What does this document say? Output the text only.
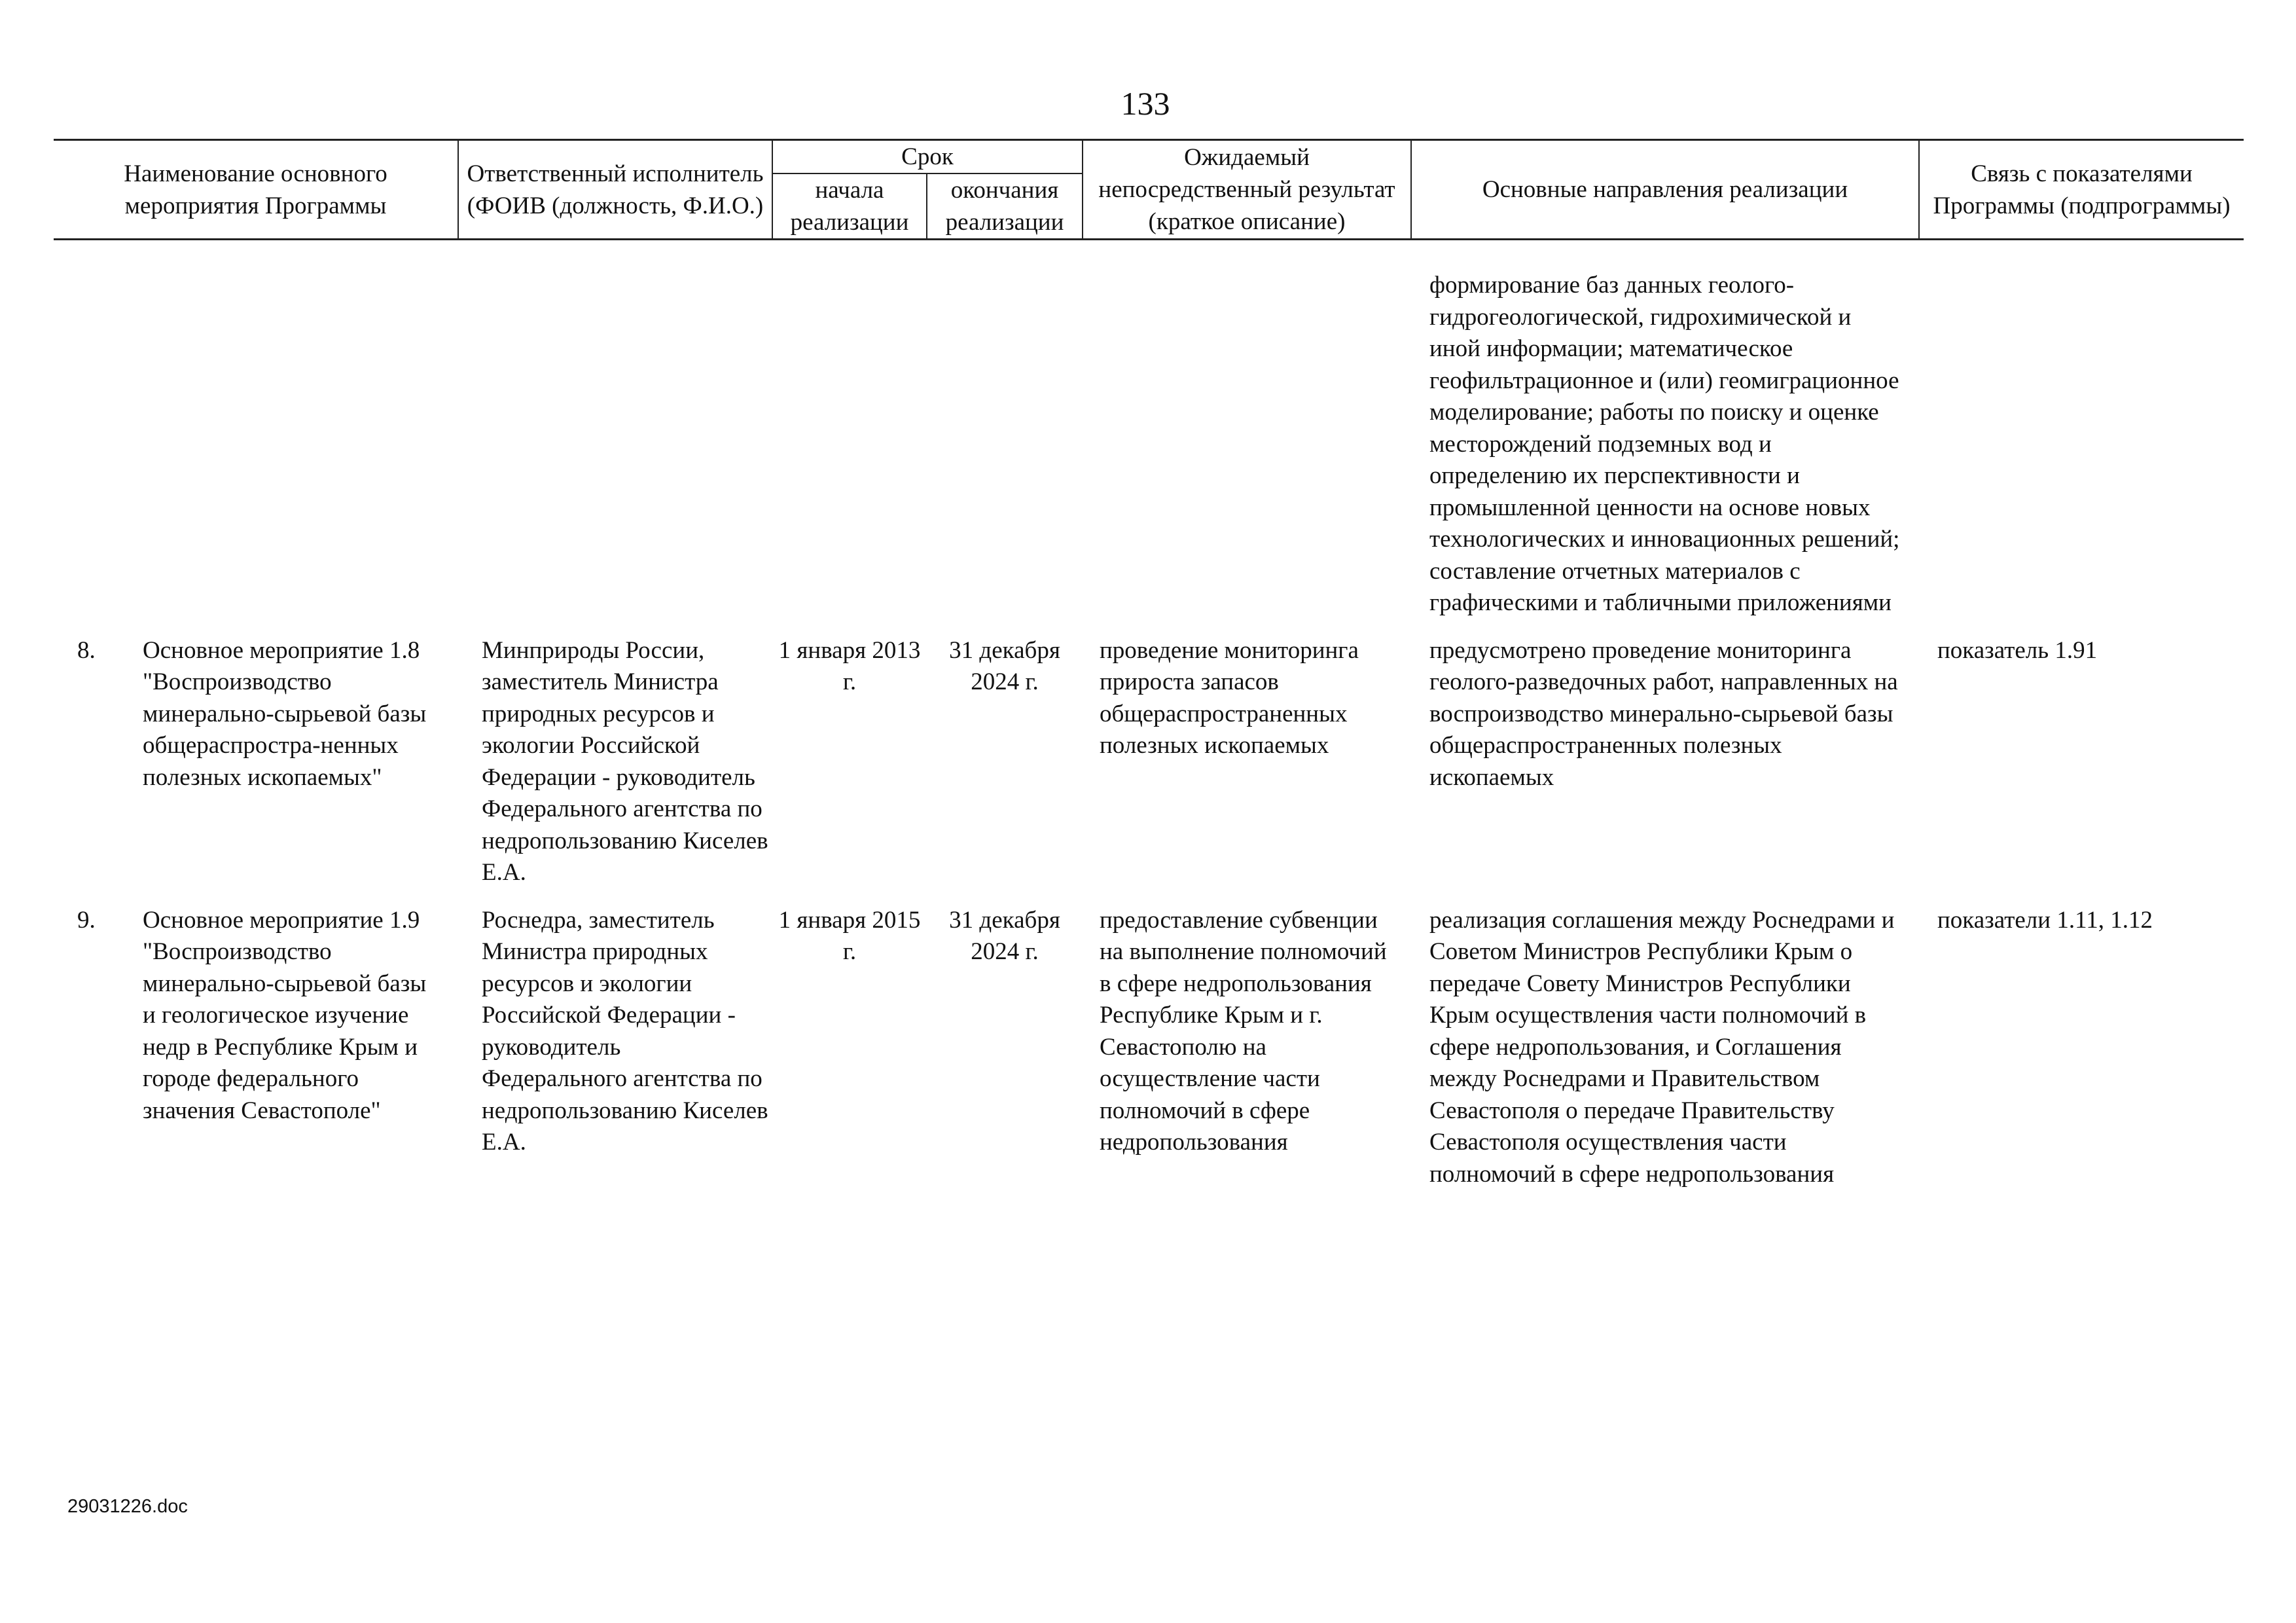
133
Наименование основного мероприятия Программы	Ответственный исполнитель (ФОИВ (должность, Ф.И.О.)	Срок		Ожидаемый непосредственный результат (краткое описание)	Основные направления реализации	Связь с показателями Программы (подпрограммы)
		начала реализации	окончания реализации			

					формирование баз данных геолого-гидрогеологической, гидрохимической и иной информации; математическое геофильтрационное и (или) геомиграционное моделирование; работы по поиску и оценке месторождений подземных вод и определению их перспективности и промышленной ценности на основе новых технологических и инновационных решений; составление отчетных материалов с графическими и табличными приложениями	

8. Основное мероприятие 1.8 "Воспроизводство минерально-сырьевой базы общераспростра-ненных полезных ископаемых"	Минприроды России, заместитель Министра природных ресурсов и экологии Российской Федерации - руководитель Федерального агентства по недропользованию Киселев Е.А.	1 января 2013 г.	31 декабря 2024 г.	проведение мониторинга прироста запасов общераспространенных полезных ископаемых	предусмотрено проведение мониторинга геолого-разведочных работ, направленных на воспроизводство минерально-сырьевой базы общераспространенных полезных ископаемых	показатель 1.91

9. Основное мероприятие 1.9 "Воспроизводство минерально-сырьевой базы и геологическое изучение недр в Республике Крым и городе федерального значения Севастополе"	Роснедра, заместитель Министра природных ресурсов и экологии Российской Федерации - руководитель Федерального агентства по недропользованию Киселев Е.А.	1 января 2015 г.	31 декабря 2024 г.	предоставление субвенции на выполнение полномочий в сфере недропользования Республике Крым и г. Севастополю на осуществление части полномочий в сфере недропользования	реализация соглашения между Роснедрами и Советом Министров Республики Крым о передаче Совету Министров Республики Крым осуществления части полномочий в сфере недропользования, и Соглашения между Роснедрами и Правительством Севастополя о передаче Правительству Севастополя осуществления части полномочий в сфере недропользования	показатели 1.11, 1.12
29031226.doc
